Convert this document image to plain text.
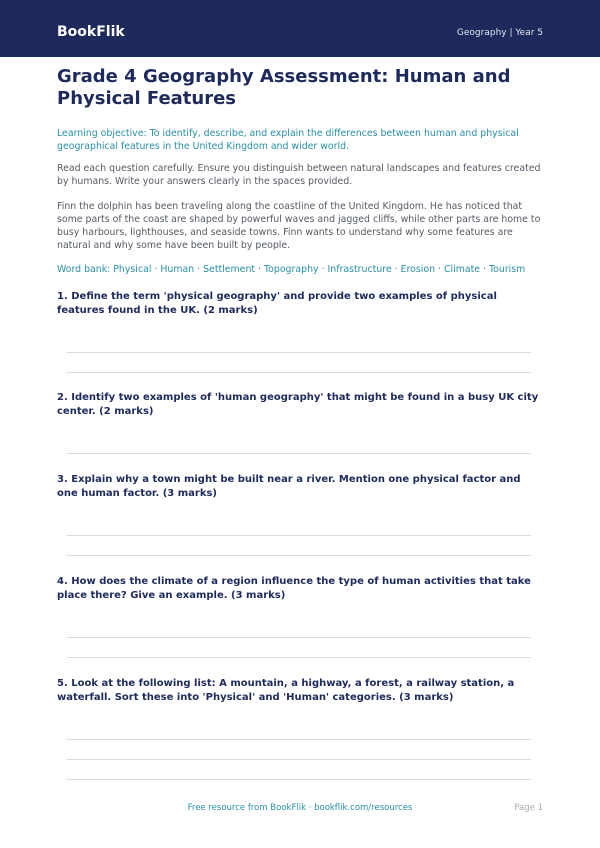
BookFlik	Geography | Year 5
Grade 4 Geography Assessment: Human and Physical Features

Learning objective: To identify, describe, and explain the differences between human and physical geographical features in the United Kingdom and wider world.

Read each question carefully. Ensure you distinguish between natural landscapes and features created by humans. Write your answers clearly in the spaces provided.

Finn the dolphin has been traveling along the coastline of the United Kingdom. He has noticed that some parts of the coast are shaped by powerful waves and jagged cliffs, while other parts are home to busy harbours, lighthouses, and seaside towns. Finn wants to understand why some features are natural and why some have been built by people.

Word bank: Physical · Human · Settlement · Topography · Infrastructure · Erosion · Climate · Tourism

1. Define the term 'physical geography' and provide two examples of physical features found in the UK. (2 marks)

2. Identify two examples of 'human geography' that might be found in a busy UK city center. (2 marks)

3. Explain why a town might be built near a river. Mention one physical factor and one human factor. (3 marks)

4. How does the climate of a region influence the type of human activities that take place there? Give an example. (3 marks)

5. Look at the following list: A mountain, a highway, a forest, a railway station, a waterfall. Sort these into 'Physical' and 'Human' categories. (3 marks)

Free resource from BookFlik · bookflik.com/resources	Page 1
